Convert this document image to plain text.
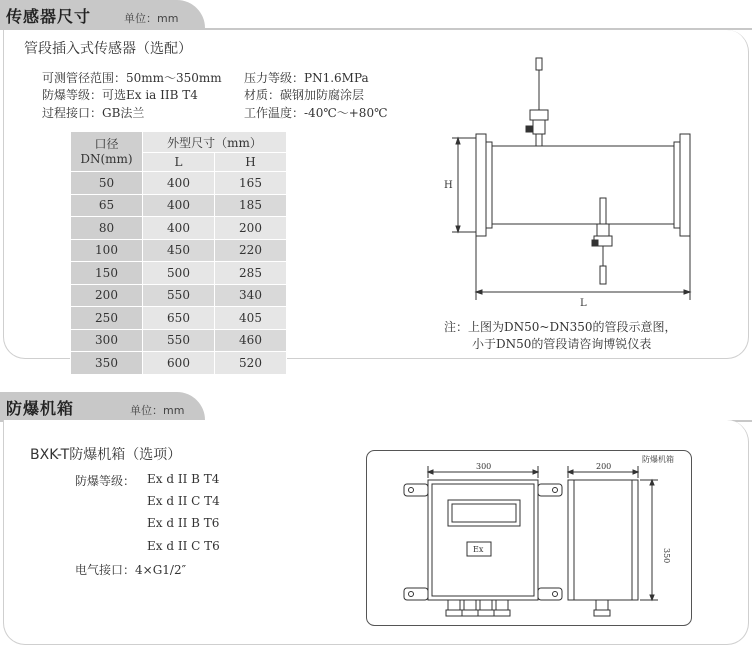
传感器尺寸	单位：mm
管段插入式传感器（选配）
可测管径范围：50mm～350mm
防爆等级：可选Ex ia IIB T4
过程接口：GB法兰
压力等级：PN1.6MPa
材质：碳钢加防腐涂层
工作温度：-40℃～+80℃
口径
DN(mm)	外型尺寸（mm）	
	L	H
50	400	165
65	400	185
80	400	200
100	450	220
150	500	285
200	550	340
250	650	405
300	550	460
350	600	520
H
L
注：上图为DN50~DN350的管段示意图，
小于DN50的管段请咨询博锐仪表
防爆机箱	单位：mm
BXK-T防爆机箱（选项）
防爆等级： Ex d II B T4
Ex d II C T4
Ex d II B T6
Ex d II C T6
电气接口：4×G1/2″
防爆机箱
300	200
Ex	350
